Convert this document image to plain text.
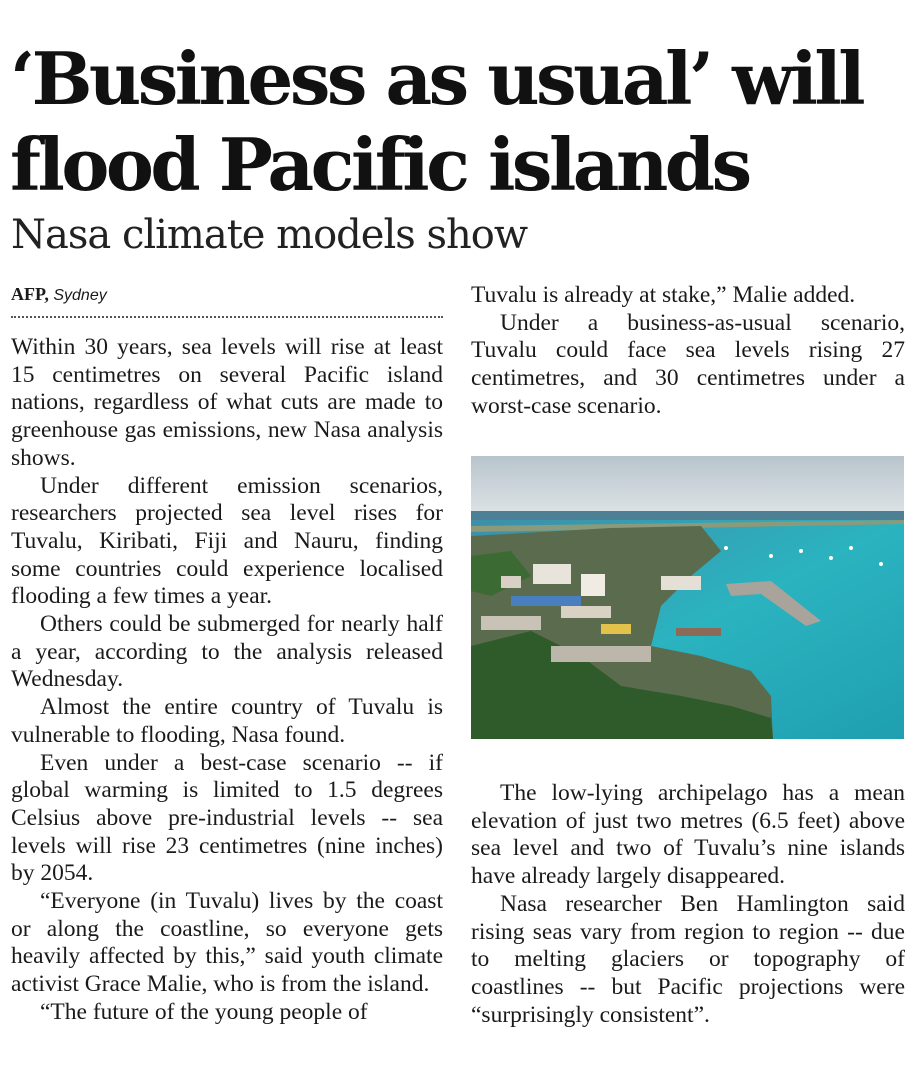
‘Business as usual’ will flood Pacific islands
Nasa climate models show
AFP, Sydney

Within 30 years, sea levels will rise at least 15 centimetres on several Pacific island nations, regardless of what cuts are made to greenhouse gas emissions, new Nasa analysis shows.

Under different emission scenarios, researchers projected sea level rises for Tuvalu, Kiribati, Fiji and Nauru, finding some countries could experience localised flooding a few times a year.

Others could be submerged for nearly half a year, according to the analysis released Wednesday.

Almost the entire country of Tuvalu is vulnerable to flooding, Nasa found.

Even under a best-case scenario -- if global warming is limited to 1.5 degrees Celsius above pre-industrial levels -- sea levels will rise 23 centimetres (nine inches) by 2054.

“Everyone (in Tuvalu) lives by the coast or along the coastline, so everyone gets heavily affected by this,” said youth climate activist Grace Malie, who is from the island.

“The future of the young people of

Tuvalu is already at stake,” Malie added.

Under a business-as-usual scenario, Tuvalu could face sea levels rising 27 centimetres, and 30 centimetres under a worst-case scenario.

The low-lying archipelago has a mean elevation of just two metres (6.5 feet) above sea level and two of Tuvalu’s nine islands have already largely disappeared.

Nasa researcher Ben Hamlington said rising seas vary from region to region -- due to melting glaciers or topography of coastlines -- but Pacific projections were “surprisingly consistent”.
